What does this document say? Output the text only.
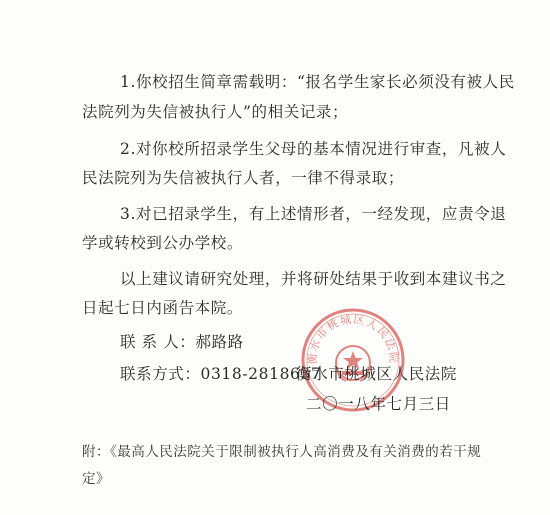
1.你校招生简章需载明：“报名学生家长必须没有被人民
法院列为失信被执行人”的相关记录；
2.对你校所招录学生父母的基本情况进行审查，凡被人
民法院列为失信被执行人者，一律不得录取；
3.对已招录学生，有上述情形者，一经发现，应责令退
学或转校到公办学校。
以上建议请研究处理，并将研处结果于收到本建议书之
日起七日内函告本院。
联 系 人：郝路路
联系方式：0318-2818637
衡水市桃城区人民法院
衡水市桃城区人民法院
二〇一八年七月三日
附：《最高人民法院关于限制被执行人高消费及有关消费的若干规
定》
